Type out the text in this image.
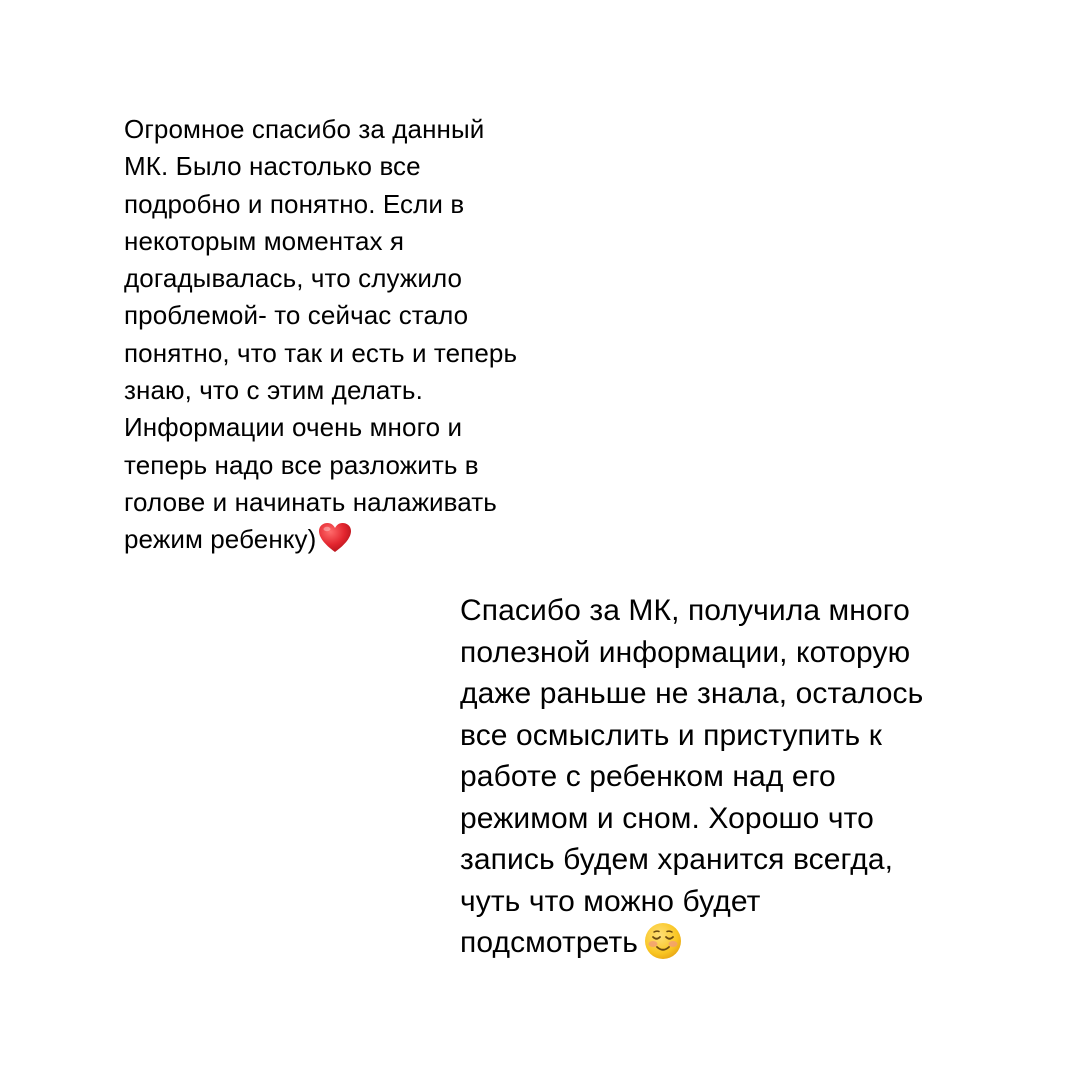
Огромное спасибо за данный
МК. Было настолько все
подробно и понятно. Если в
некоторым моментах я
догадывалась, что служило
проблемой- то сейчас стало
понятно, что так и есть и теперь
знаю, что с этим делать.
Информации очень много и
теперь надо все разложить в
голове и начинать налаживать
режим ребенку)

Спасибо за МК, получила много
полезной информации, которую
даже раньше не знала, осталось
все осмыслить и приступить к
работе с ребенком над его
режимом и сном. Хорошо что
запись будем хранится всегда,
чуть что можно будет
подсмотреть
